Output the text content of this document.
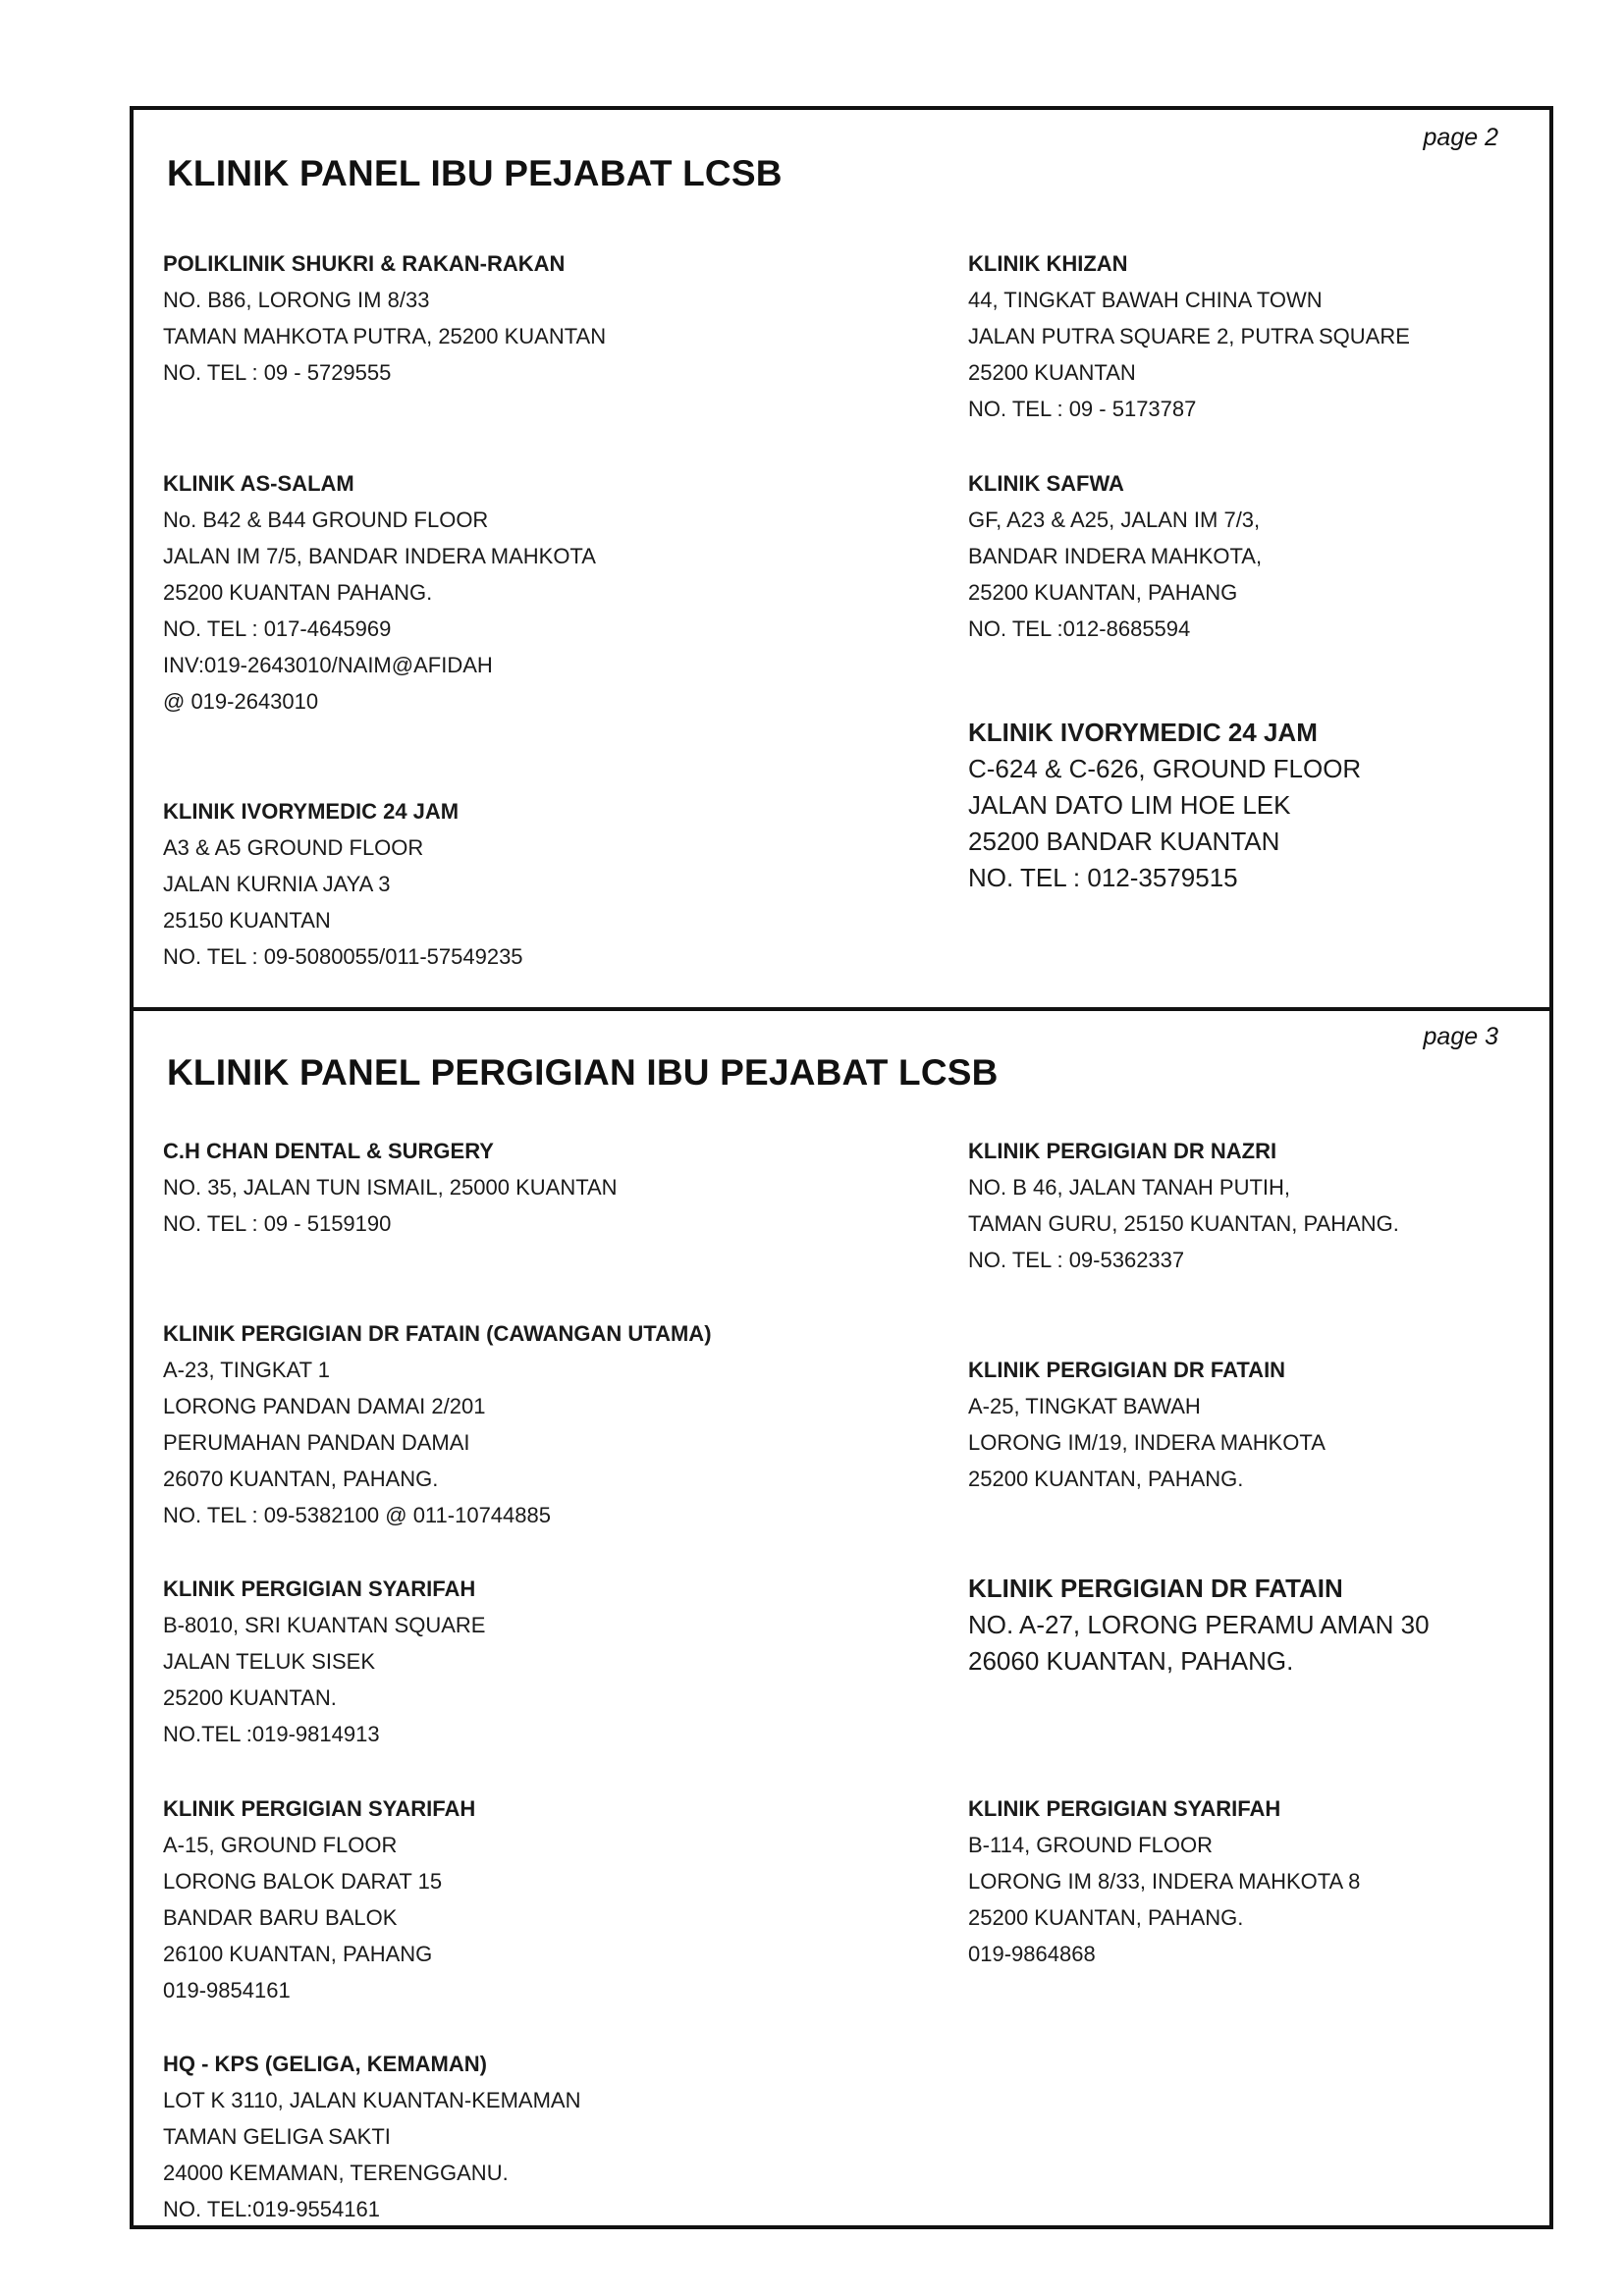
page 2
KLINIK PANEL IBU PEJABAT LCSB
POLIKLINIK SHUKRI & RAKAN-RAKAN
NO. B86, LORONG IM 8/33
TAMAN MAHKOTA PUTRA, 25200 KUANTAN
NO. TEL : 09 - 5729555
KLINIK AS-SALAM
No. B42 & B44 GROUND FLOOR
JALAN IM 7/5, BANDAR INDERA MAHKOTA
25200 KUANTAN PAHANG.
NO. TEL : 017-4645969
INV:019-2643010/NAIM@AFIDAH
@ 019-2643010
KLINIK IVORYMEDIC 24 JAM
A3 & A5 GROUND FLOOR
JALAN KURNIA JAYA 3
25150 KUANTAN
NO. TEL : 09-5080055/011-57549235
KLINIK KHIZAN
44, TINGKAT BAWAH CHINA TOWN
JALAN PUTRA SQUARE 2, PUTRA SQUARE
25200 KUANTAN
NO. TEL : 09 - 5173787
KLINIK SAFWA
GF, A23 & A25, JALAN IM 7/3,
BANDAR INDERA MAHKOTA,
25200 KUANTAN, PAHANG
NO. TEL :012-8685594
KLINIK IVORYMEDIC 24 JAM
C-624 & C-626, GROUND FLOOR
JALAN DATO LIM HOE LEK
25200 BANDAR KUANTAN
NO. TEL : 012-3579515
page 3
KLINIK PANEL PERGIGIAN IBU PEJABAT LCSB
C.H CHAN DENTAL & SURGERY
NO. 35, JALAN TUN ISMAIL, 25000 KUANTAN
NO. TEL : 09 - 5159190
KLINIK PERGIGIAN DR FATAIN (CAWANGAN UTAMA)
A-23, TINGKAT 1
LORONG PANDAN DAMAI 2/201
PERUMAHAN PANDAN DAMAI
26070 KUANTAN, PAHANG.
NO. TEL : 09-5382100 @ 011-10744885
KLINIK PERGIGIAN SYARIFAH
B-8010, SRI KUANTAN SQUARE
JALAN TELUK SISEK
25200 KUANTAN.
NO.TEL :019-9814913
KLINIK PERGIGIAN SYARIFAH
A-15, GROUND FLOOR
LORONG BALOK DARAT 15
BANDAR BARU BALOK
26100 KUANTAN, PAHANG
019-9854161
HQ - KPS (GELIGA, KEMAMAN)
LOT K 3110, JALAN KUANTAN-KEMAMAN
TAMAN GELIGA SAKTI
24000 KEMAMAN, TERENGGANU.
NO. TEL:019-9554161
KLINIK PERGIGIAN DR NAZRI
NO. B 46, JALAN TANAH PUTIH,
TAMAN GURU, 25150 KUANTAN, PAHANG.
NO. TEL : 09-5362337
KLINIK PERGIGIAN DR FATAIN
A-25, TINGKAT BAWAH
LORONG IM/19, INDERA MAHKOTA
25200 KUANTAN, PAHANG.
KLINIK PERGIGIAN DR FATAIN
NO. A-27, LORONG PERAMU AMAN 30
26060 KUANTAN, PAHANG.
KLINIK PERGIGIAN SYARIFAH
B-114, GROUND FLOOR
LORONG IM 8/33, INDERA MAHKOTA 8
25200 KUANTAN, PAHANG.
019-9864868
